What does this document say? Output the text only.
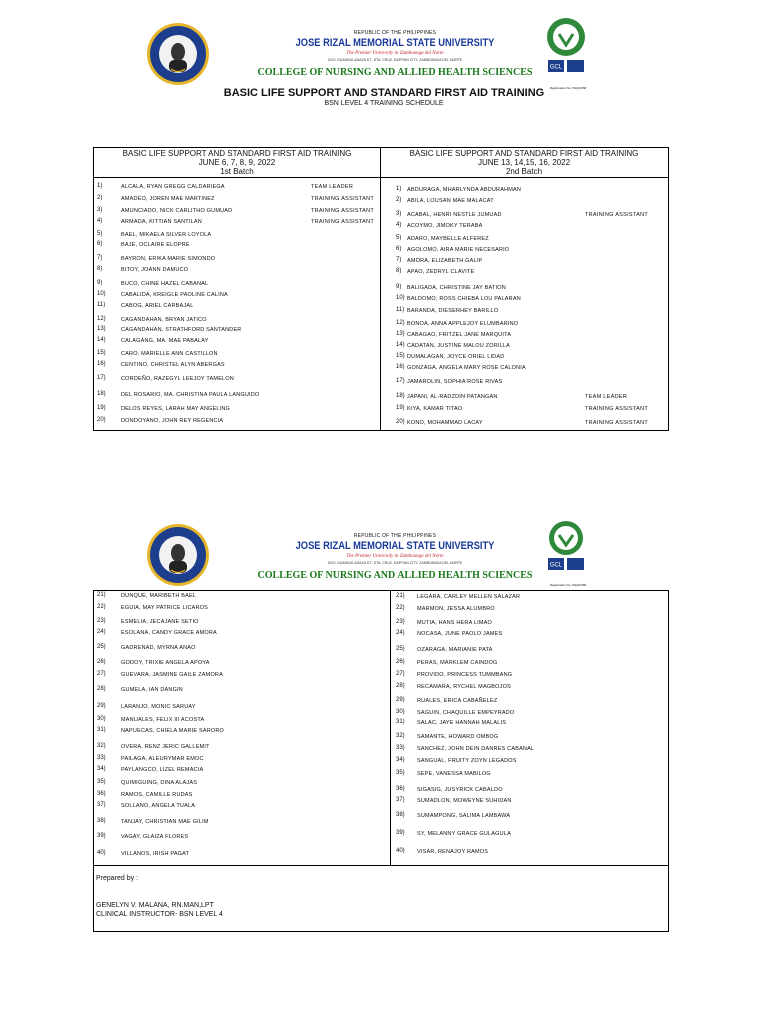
REPUBLIC OF THE PHILIPPINES
JOSE RIZAL MEMORIAL STATE UNIVERSITY
The Premier University in Zamboanga del Norte
GOV. GUADING ADAZA ST., STA. CRUZ, DAPITAN CITY, ZAMBOANGA DEL NORTE
COLLEGE OF NURSING AND ALLIED HEALTH SCIENCES	GCL
Registration No. 54Q21368
BASIC LIFE SUPPORT AND STANDARD FIRST AID TRAINING
BSN LEVEL 4 TRAINING SCHEDULE
BASIC LIFE SUPPORT AND STANDARD FIRST AID TRAINING
JUNE 6, 7, 8, 9, 2022
1st Batch
BASIC LIFE SUPPORT AND STANDARD FIRST AID TRAINING
JUNE 13, 14,15, 16, 2022
2nd Batch
1)	ALCALA, RYAN GREGG CALDARIEGA	TEAM LEADER
2)	AMADEO, JOREN MAE MARTINEZ	TRAINING ASSISTANT
3)	AMUNCIADO, NICK CARLITHO GUMUAD	TRAINING ASSISTANT
4)	ARMADA, KITTIAN SANTILAN	TRAINING ASSISTANT
5)	BAEL, MIKAELA SILVER LOYOLA
6)	BAJE, OCLAIRE ELOPRE
7)	BAYRON, ERIKA MARIE SIMONDO
8)	BITOY, JOANN DAMUCO
9)	BUCO, CHINE HAZEL CABANAL
10)	CABALIDA, KREIGLE PAOLINE CALINA
11)	CABOG, ARIEL CARBAJAL
12)	CAGANDAHAN, BRYAN JATICO
13)	CAGANDAHAN, STRATHFORD SANTANDER
14)	CALAGANG, MA. MAE PABALAY
15)	CARO, MARIELLE ANN CASTILLON
16)	CENTINO, CHRISTEL ALYN ABERGAS
17)	CORDEÑO, RAZEGYL LEEJOY TAMELON
18)	DEL ROSARIO, MA. CHRISTINA PAULA LANGUIDO
19)	DELOS REYES, LARAH MAY ANGELING
20)	DONDOYANO, JOHN REY REGENCIA
1)	ABDURAGA, MHARLYNDA ABDURAHMAN
2)	ABILA, LOUSAN MAE MALACAT
3)	ACABAL, HENRI NESTLE JUMUAD	TRAINING ASSISTANT
4)	ACOYMO, JIMOKY TERABA
5)	ADARO, MAYBELLE ALFEREZ
6)	AGOLOMO, AIRA MARIE NECESARIO
7)	AMORA, ELIZABETH GALIP
8)	APAO, ZEDRYL CLAVITE
9)	BALIGADA, CHRISTINE JAY BATION
10) BALDOMO, ROSS CHIEBA LOU PALARAN
11) BARANDA, DIESERHEY BARILLO
12) BONOA, ANNA APPLEJOY ELUMBARINO
13) CABAGAO, FRITZEL JANE MARQUITA
14) CADATAN, JUSTINE MALOU ZORILLA
15) DUMALAGAN, JOYCE ORIEL LIDAD
16) GONZAGA, ANGELA MARY ROSE CALONIA
17) JAMAROLIN, SOPHIA ROSE RIVAS
18) JAPANI, AL-RADZDIN PATANGAN	TEAM LEADER
19) KIYA, KAMAR TITAO	TRAINING ASSISTANT
20) KONO, MOHAMMAD LACAY	TRAINING ASSISTANT
REPUBLIC OF THE PHILIPPINES
JOSE RIZAL MEMORIAL STATE UNIVERSITY
The Premier University in Zamboanga del Norte
GOV. GUADING ADAZA ST., STA. CRUZ, DAPITAN CITY, ZAMBOANGA DEL NORTE
COLLEGE OF NURSING AND ALLIED HEALTH SCIENCES
GCL
Registration No. 54Q21368
21)	DUNQUE, MARIBETH BAEL
22)	EGUIA, MAY PATRICE LICAROS
23)	ESMELIA, JECAJANE SETIO
24)	ESOLANA, CANDY GRACE AMORA
25)	GADRENAD, MYRNA ANAO
26)	GODOY, TRIXIE ANGELA APOYA
27)	GUEVARA, JASMINE GAILE ZAMORA
28)	GUMELA, IAN DANGIN
29)	LARANJO, MONIC SARUAY
30)	MANUALES, FELIX III ACOSTA
31)	NAPUECAS, CHIELA MARIE SARORO
32)	OVERA, RENZ JERIC GALLEMIT
33)	PAILAGA, ALEURYMAR EMOC
34)	PAYLANGCO, LIZEL REMACIA
35)	QUIMIGUING, DINA ALAJAS
36)	RAMOS, CAMILLE RUDAS
37)	SOLLANO, ANGELA TUALA
38)	TANJAY, CHRISTIAN MAE GILIM
39)	VAGAY, GLAIZA FLORES
40)	VILLANOS, IRISH PAGAT
21)	LEGARA, CARLEY MELLEN SALAZAR
22)	MARMON, JESSA ALUMBRO
23)	MUTIA, HANS HERA LIMAO
24)	NOCASA, JUNE PAOLO JAMES
25)	OZARAGA, MARIANIE PATA
26)	PERAS, MARKLEM CAINDOG
27)	PROVIDO, PRINCESS TUMMBANG
28)	RECAMARA, RYCHEL MAGBOJOS
29)	RUALES, ERICA CABAÑELEZ
30)	SAGUIN, CHAQUILLE EMPEYRADO
31)	SALAC, JAYE HANNAH MALALIS
32)	SAMANTE, HOWARD OMBOG
33)	SANCHEZ, JOHN DEIN DANRES CABANAL
34)	SANGUAL, FRUITY ZOYN LEGADOS
35)	SEPE, VANESSA MABILOG
36)	SIGASIG, JUSYRICK CABALDO
37)	SUMADLON, MOWEYNE SUHIDAN
38)	SUMAMPONG, SALIMA LAMBAWA
39)	SY, MELANNY GRACE GULAGULA
40)	VISAR, RENAJOY RAMOS
Prepared by :
GENELYN V. MALANA, RN.MAN,LPT
CLINICAL INSTRUCTOR- BSN LEVEL 4
